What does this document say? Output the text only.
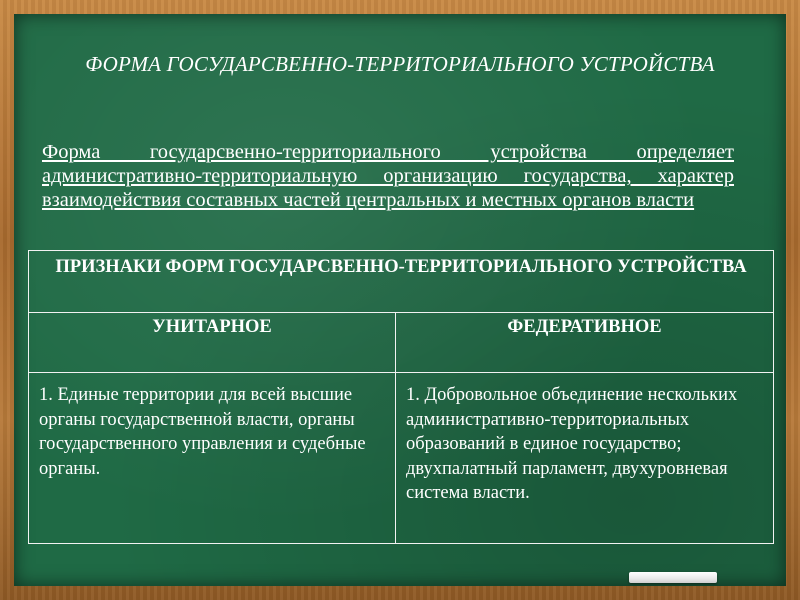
ФОРМА ГОСУДАРСВЕННО-ТЕРРИТОРИАЛЬНОГО УСТРОЙСТВА

Форма государсвенно-территориального устройства определяет административно-территориальную организацию государства, характер взаимодействия составных частей центральных и местных органов власти

ПРИЗНАКИ ФОРМ ГОСУДАРСВЕННО-ТЕРРИТОРИАЛЬНОГО УСТРОЙСТВА	
УНИТАРНОЕ	ФЕДЕРАТИВНОЕ
1. Единые территории для всей высшие органы государственной власти, органы государственного управления и судебные органы.	1. Добровольное объединение нескольких административно-территориальных образований в единое государство; двухпалатный парламент, двухуровневая система власти.
